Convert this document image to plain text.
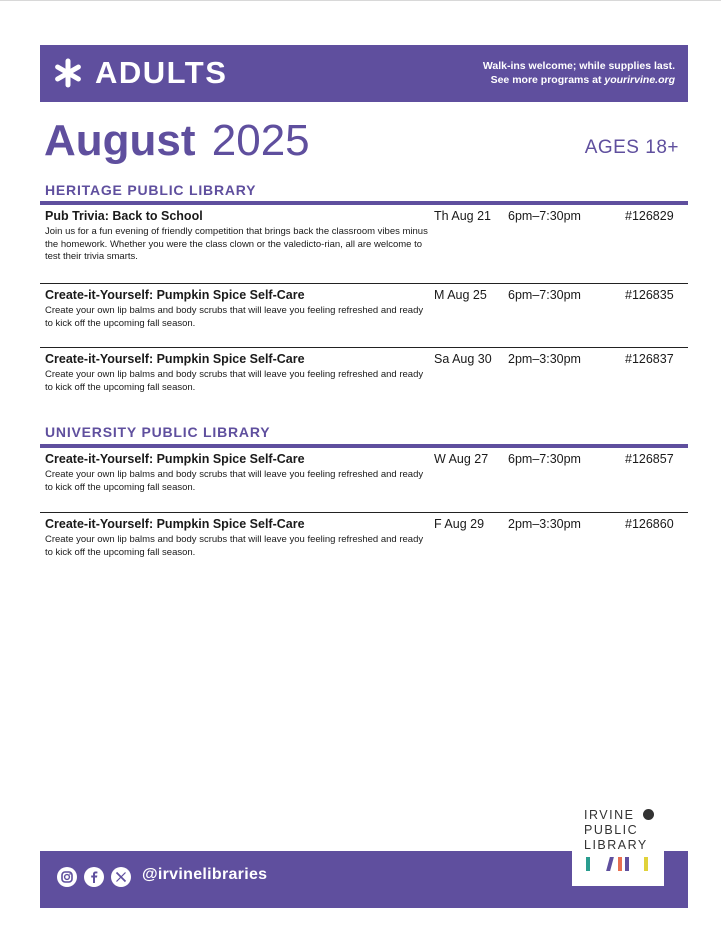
ADULTS	Walk-ins welcome; while supplies last.
See more programs at yourirvine.org
August 2025	AGES 18+
HERITAGE PUBLIC LIBRARY
Pub Trivia: Back to School
Join us for a fun evening of friendly competition that brings back the classroom vibes minus the homework. Whether you were the class clown or the valedicto-rian, all are welcome to test their trivia smarts.
Th Aug 21 6pm–7:30pm	#126829
Create-it-Yourself: Pumpkin Spice Self-Care
Create your own lip balms and body scrubs that will leave you feeling refreshed and ready to kick off the upcoming fall season.
M Aug 25 6pm–7:30pm	#126835
Create-it-Yourself: Pumpkin Spice Self-Care
Create your own lip balms and body scrubs that will leave you feeling refreshed and ready to kick off the upcoming fall season.
Sa Aug 30 2pm–3:30pm	#126837
UNIVERSITY PUBLIC LIBRARY
Create-it-Yourself: Pumpkin Spice Self-Care
Create your own lip balms and body scrubs that will leave you feeling refreshed and ready to kick off the upcoming fall season.
W Aug 27 6pm–7:30pm	#126857
Create-it-Yourself: Pumpkin Spice Self-Care
Create your own lip balms and body scrubs that will leave you feeling refreshed and ready to kick off the upcoming fall season.
F Aug 29 2pm–3:30pm	#126860
@irvinelibraries
IRVINE
PUBLIC
LIBRARY
